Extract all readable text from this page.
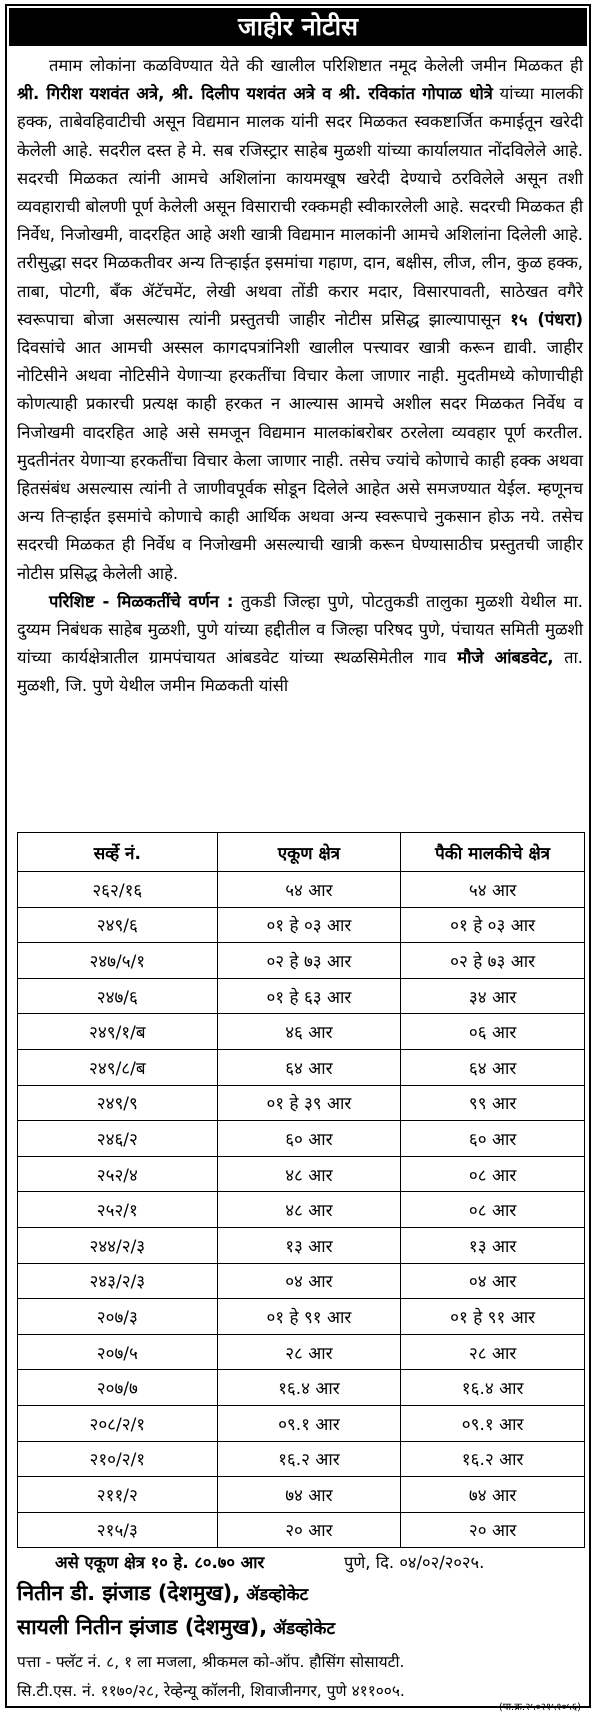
जाहीर नोटीस

तमाम लोकांना कळविण्यात येते की खालील परिशिष्टात नमूद केलेली जमीन मिळकत ही श्री. गिरीश यशवंत अत्रे, श्री. दिलीप यशवंत अत्रे व श्री. रविकांत गोपाळ धोत्रे यांच्या मालकी हक्क, ताबेवहिवाटीची असून विद्यमान मालक यांनी सदर मिळकत स्वकष्टार्जित कमाईतून खरेदी केलेली आहे. सदरील दस्त हे मे. सब रजिस्ट्रार साहेब मुळशी यांच्या कार्यालयात नोंदविलेले आहे. सदरची मिळकत त्यांनी आमचे अशिलांना कायमखूष खरेदी देण्याचे ठरविलेले असून तशी व्यवहाराची बोलणी पूर्ण केलेली असून विसाराची रक्कमही स्वीकारलेली आहे. सदरची मिळकत ही निर्वेध, निजोखमी, वादरहित आहे अशी खात्री विद्यमान मालकांनी आमचे अशिलांना दिलेली आहे. तरीसुद्धा सदर मिळकतीवर अन्य तिऱ्हाईत इसमांचा गहाण, दान, बक्षीस, लीज, लीन, कुळ हक्क, ताबा, पोटगी, बँक ॲटॅचमेंट, लेखी अथवा तोंडी करार मदार, विसारपावती, साठेखत वगैरे स्वरूपाचा बोजा असल्यास त्यांनी प्रस्तुतची जाहीर नोटीस प्रसिद्ध झाल्यापासून १५ (पंधरा) दिवसांचे आत आमची अस्सल कागदपत्रांनिशी खालील पत्त्यावर खात्री करून द्यावी. जाहीर नोटिसीने अथवा नोटिसीने येणाऱ्या हरकतींचा विचार केला जाणार नाही. मुदतीमध्ये कोणाचीही कोणत्याही प्रकारची प्रत्यक्ष काही हरकत न आल्यास आमचे अशील सदर मिळकत निर्वेध व निजोखमी वादरहित आहे असे समजून विद्यमान मालकांबरोबर ठरलेला व्यवहार पूर्ण करतील. मुदतीनंतर येणाऱ्या हरकतींचा विचार केला जाणार नाही. तसेच ज्यांचे कोणाचे काही हक्क अथवा हितसंबंध असल्यास त्यांनी ते जाणीवपूर्वक सोडून दिलेले आहेत असे समजण्यात येईल. म्हणूनच अन्य तिऱ्हाईत इसमांचे कोणाचे काही आर्थिक अथवा अन्य स्वरूपाचे नुकसान होऊ नये. तसेच सदरची मिळकत ही निर्वेध व निजोखमी असल्याची खात्री करून घेण्यासाठीच प्रस्तुतची जाहीर नोटीस प्रसिद्ध केलेली आहे.

परिशिष्ट - मिळकतींचे वर्णन : तुकडी जिल्हा पुणे, पोटतुकडी तालुका मुळशी येथील मा. दुय्यम निबंधक साहेब मुळशी, पुणे यांच्या हद्दीतील व जिल्हा परिषद पुणे, पंचायत समिती मुळशी यांच्या कार्यक्षेत्रातील ग्रामपंचायत आंबडवेट यांच्या स्थळसिमेतील गाव मौजे आंबडवेट, ता. मुळशी, जि. पुणे येथील जमीन मिळकती यांसी

सर्व्हे नं.	एकूण क्षेत्र	पैकी मालकीचे क्षेत्र
२६२/१६	५४ आर	५४ आर
२४९/६	०१ हे ०३ आर	०१ हे ०३ आर
२४७/५/१	०२ हे ७३ आर	०२ हे ७३ आर
२४७/६	०१ हे ६३ आर	३४ आर
२४९/१/ब	४६ आर	०६ आर
२४९/८/ब	६४ आर	६४ आर
२४९/९	०१ हे ३९ आर	९९ आर
२४६/२	६० आर	६० आर
२५२/४	४८ आर	०८ आर
२५२/१	४८ आर	०८ आर
२४४/२/३	१३ आर	१३ आर
२४३/२/३	०४ आर	०४ आर
२०७/३	०१ हे ९१ आर	०१ हे ९१ आर
२०७/५	२८ आर	२८ आर
२०७/७	१६.४ आर	१६.४ आर
२०८/२/१	०९.१ आर	०९.१ आर
२१०/२/१	१६.२ आर	१६.२ आर
२११/२	७४ आर	७४ आर
२१५/३	२० आर	२० आर
असे एकूण क्षेत्र १० हे. ८०.७० आर	पुणे, दि. ०४/०२/२०२५.
नितीन डी. झंजाड (देशमुख), ॲडव्होकेट
सायली नितीन झंजाड (देशमुख), ॲडव्होकेट
पत्ता - फ्लॅट नं. ८, १ ला मजला, श्रीकमल को-ऑप. हौसिंग सोसायटी.
सि.टी.एस. नं. ११७०/२८, रेव्हेन्यू कॉलनी, शिवाजीनगर, पुणे ४११००५.
(पा.क्र.२५०२१५१०५६)
